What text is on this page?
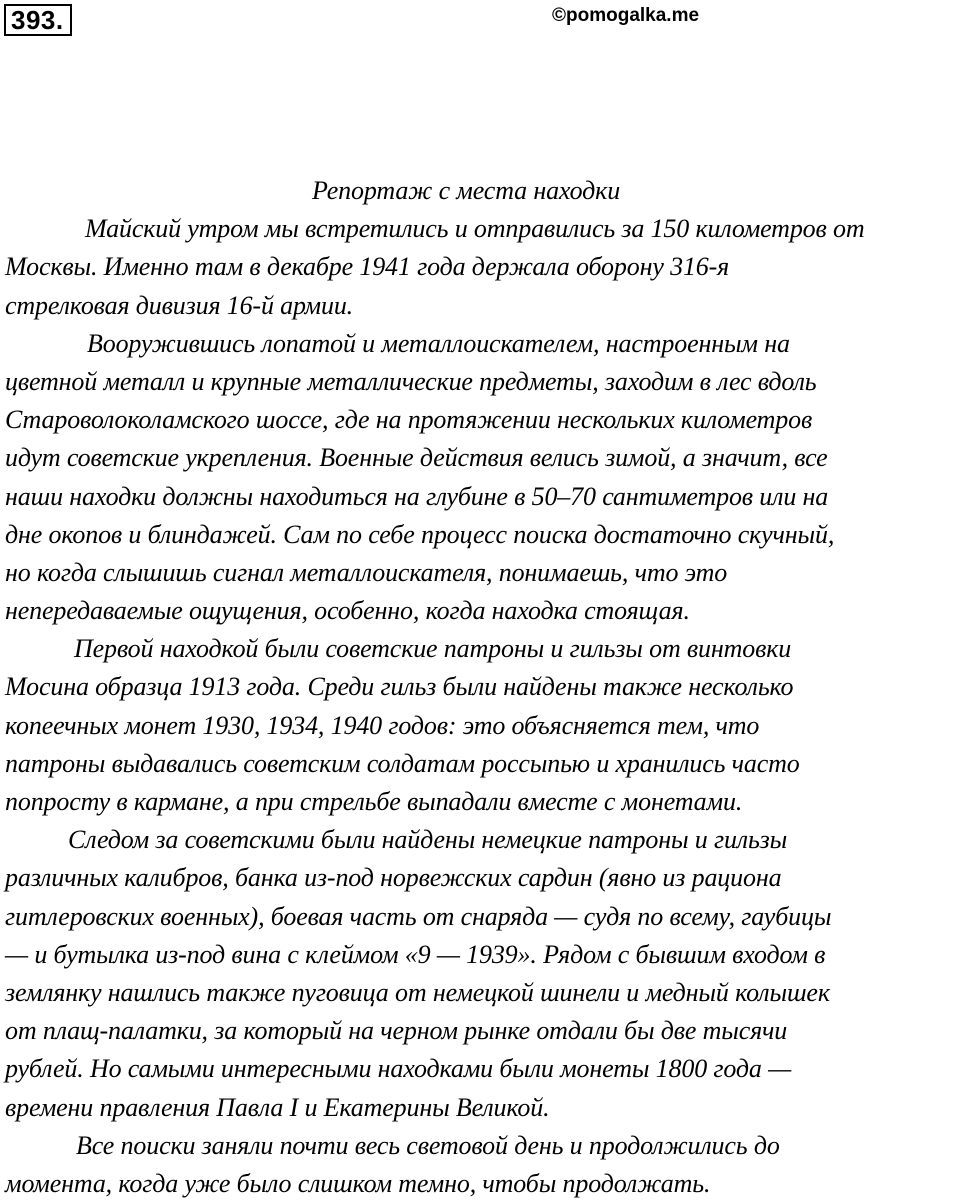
393.	©pomogalka.me
Репортаж с места находки
Майский утром мы встретились и отправились за 150 километров от
Москвы. Именно там в декабре 1941 года держала оборону 316-я
стрелковая дивизия 16-й армии.
Вооружившись лопатой и металлоискателем, настроенным на
цветной металл и крупные металлические предметы, заходим в лес вдоль
Староволоколамского шоссе, где на протяжении нескольких километров
идут советские укрепления. Военные действия велись зимой, а значит, все
наши находки должны находиться на глубине в 50–70 сантиметров или на
дне окопов и блиндажей. Сам по себе процесс поиска достаточно скучный,
но когда слышишь сигнал металлоискателя, понимаешь, что это
непередаваемые ощущения, особенно, когда находка стоящая.
Первой находкой были советские патроны и гильзы от винтовки
Мосина образца 1913 года. Среди гильз были найдены также несколько
копеечных монет 1930, 1934, 1940 годов: это объясняется тем, что
патроны выдавались советским солдатам россыпью и хранились часто
попросту в кармане, а при стрельбе выпадали вместе с монетами.
Следом за советскими были найдены немецкие патроны и гильзы
различных калибров, банка из-под норвежских сардин (явно из рациона
гитлеровских военных), боевая часть от снаряда — судя по всему, гаубицы
— и бутылка из-под вина с клеймом «9 — 1939». Рядом с бывшим входом в
землянку нашлись также пуговица от немецкой шинели и медный колышек
от плащ-палатки, за который на черном рынке отдали бы две тысячи
рублей. Но самыми интересными находками были монеты 1800 года —
времени правления Павла I и Екатерины Великой.
Все поиски заняли почти весь световой день и продолжились до
момента, когда уже было слишком темно, чтобы продолжать.
